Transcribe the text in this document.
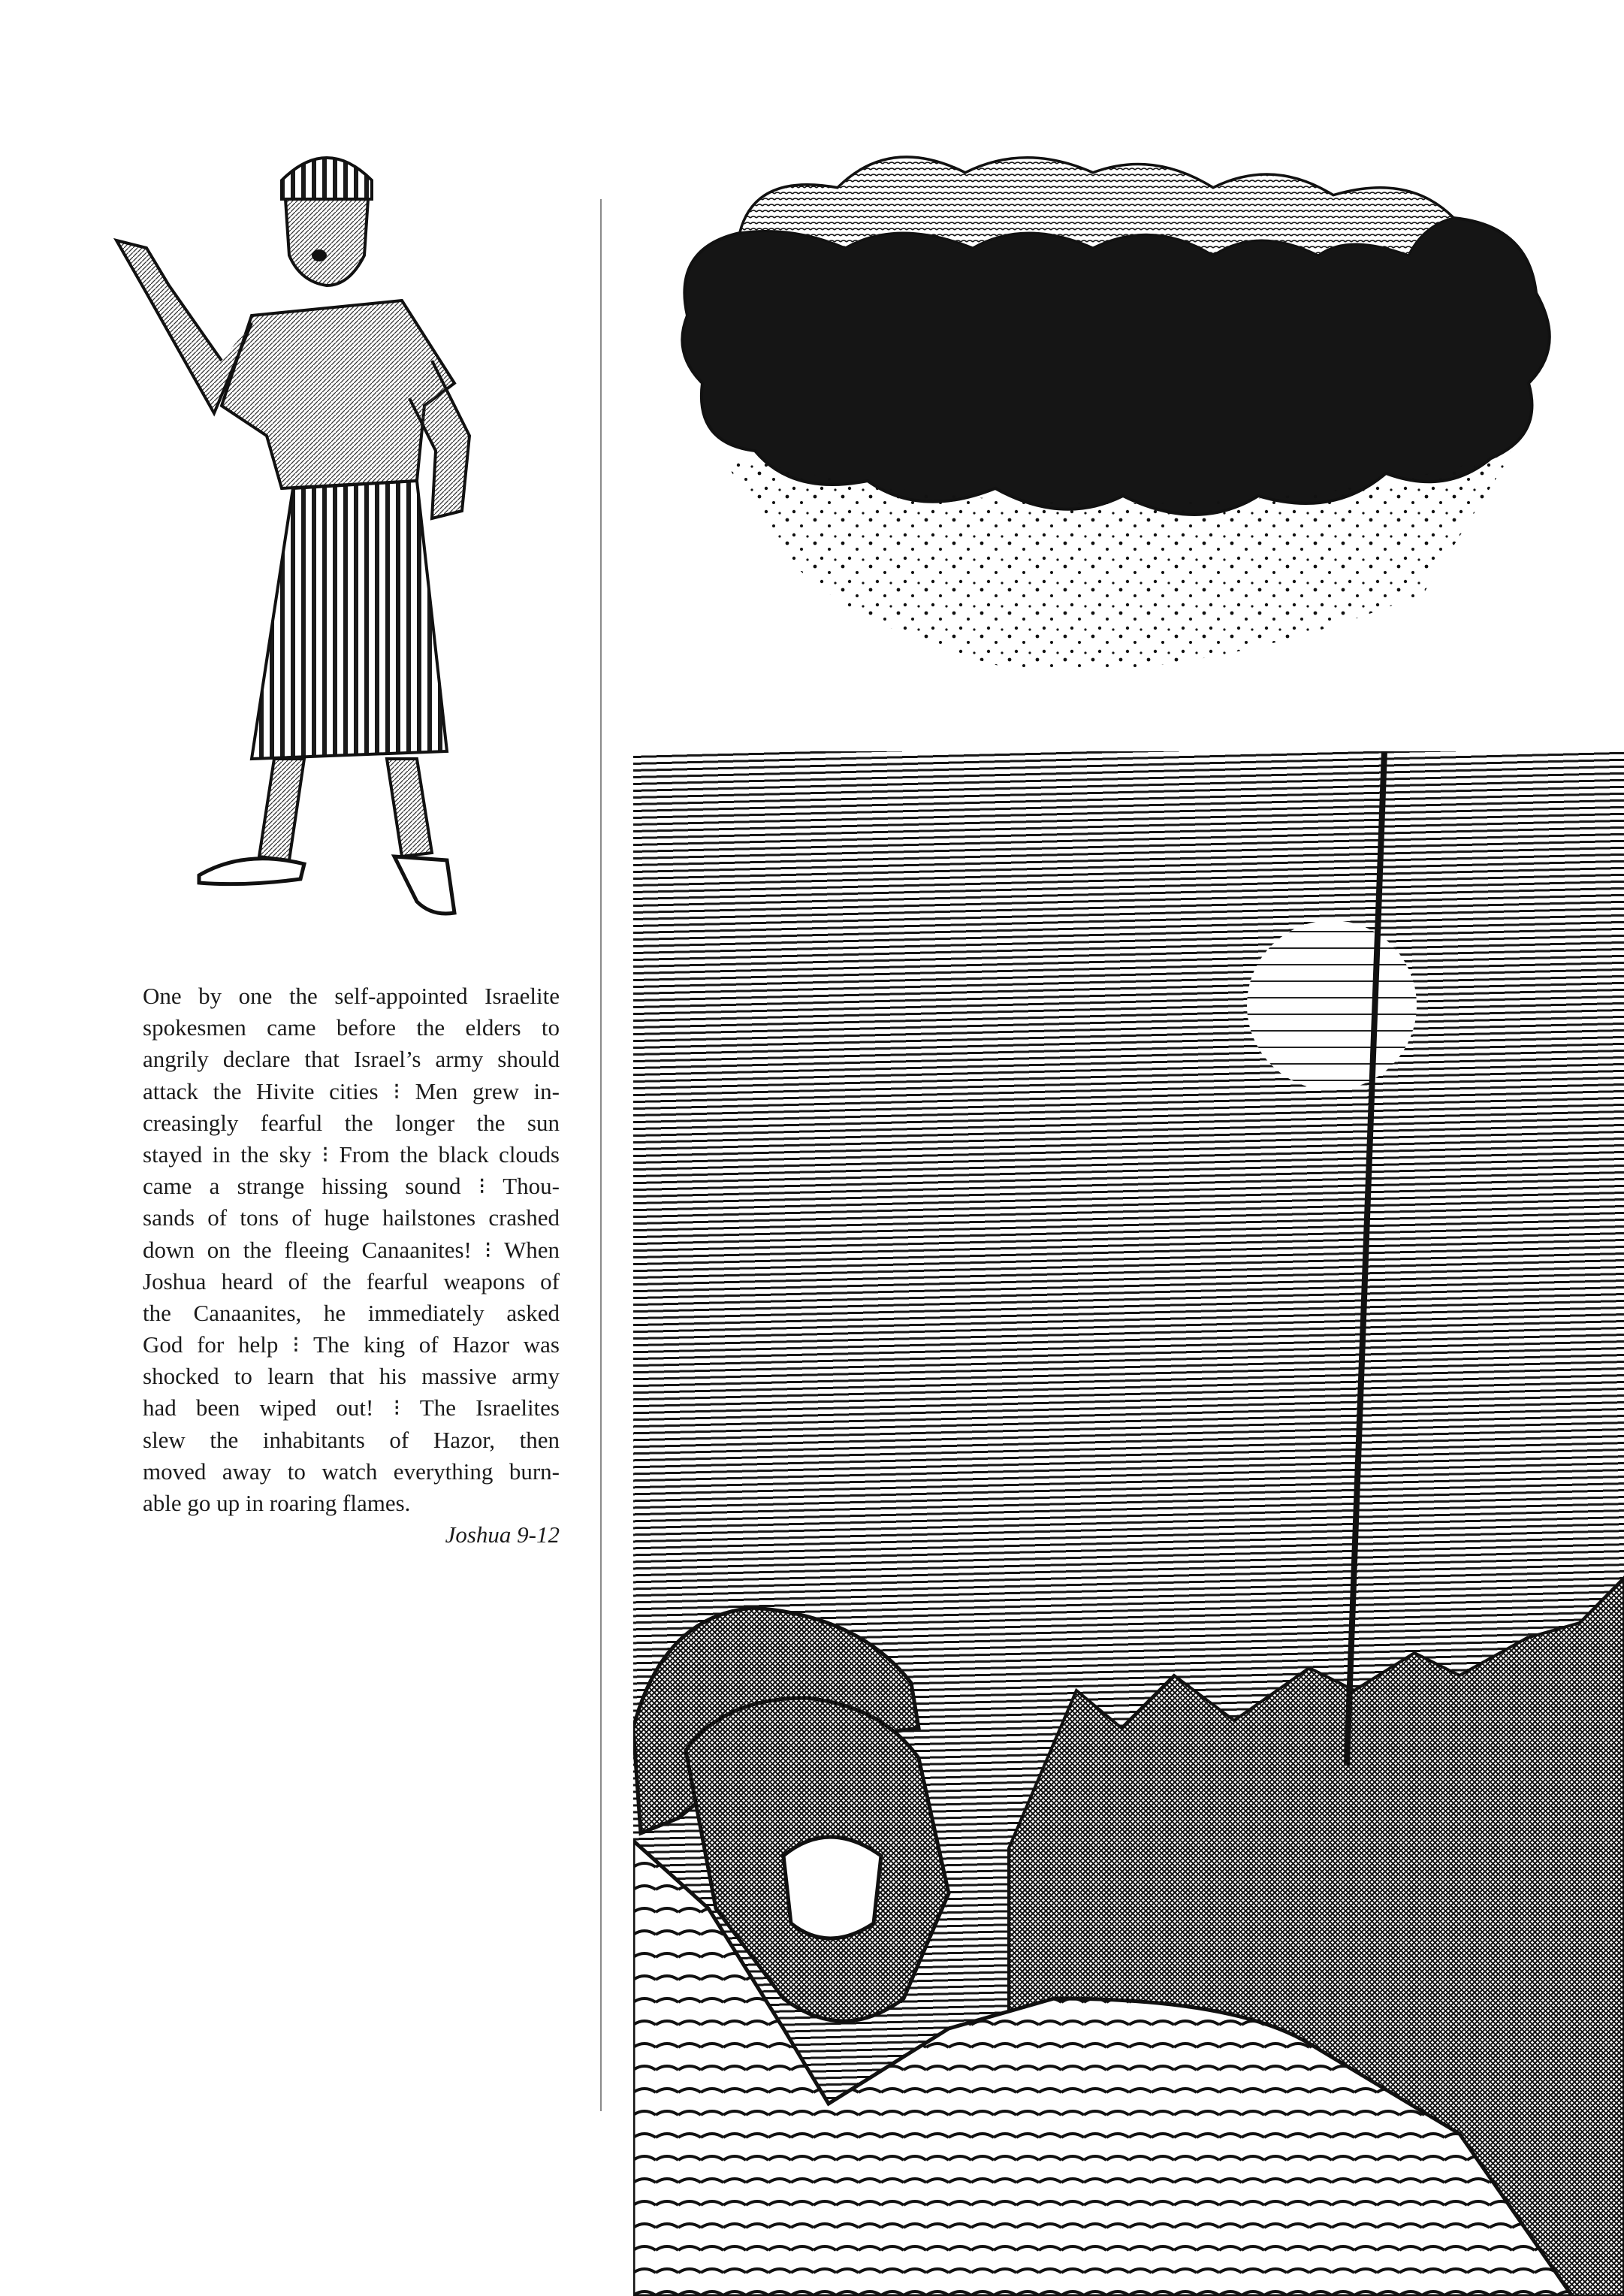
One by one the self-appointed Israelite
spokesmen came before the elders to
angrily declare that Israel’s army should
attack the Hivite cities ⁝ Men grew in-
creasingly fearful the longer the sun
stayed in the sky ⁝ From the black clouds
came a strange hissing sound ⁝ Thou-
sands of tons of huge hailstones crashed
down on the fleeing Canaanites! ⁝ When
Joshua heard of the fearful weapons of
the Canaanites, he immediately asked
God for help ⁝ The king of Hazor was
shocked to learn that his massive army
had been wiped out! ⁝ The Israelites
slew the inhabitants of Hazor, then
moved away to watch everything burn-
able go up in roaring flames.
Joshua 9-12
